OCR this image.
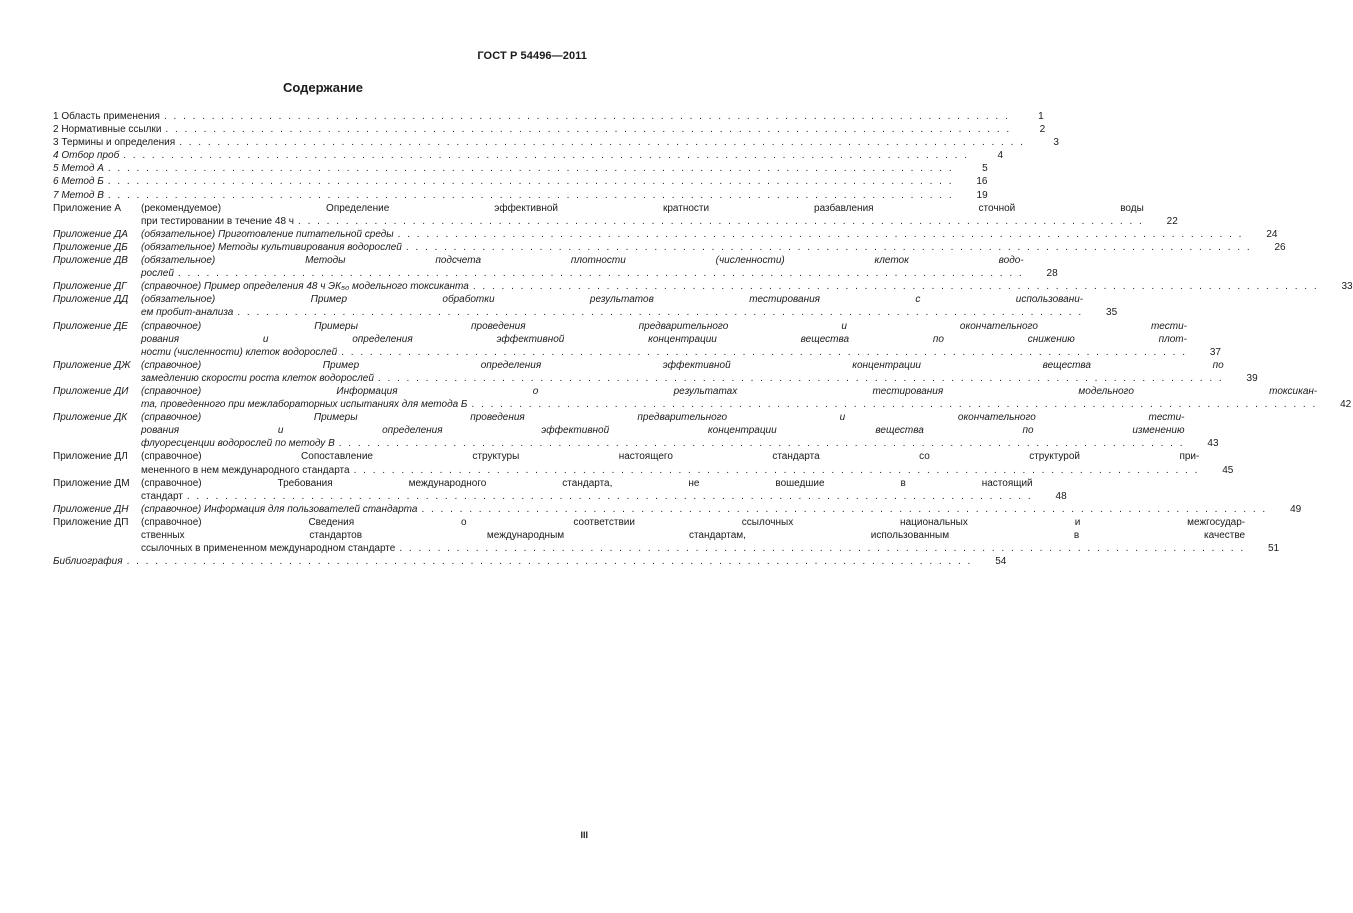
ГОСТ Р 54496—2011
Содержание
1 Область применения . . .	1
2 Нормативные ссылки . . .	2
3 Термины и определения . . .	3
4 Отбор проб . . .	4
5 Метод А . . .	5
6 Метод Б . . .	16
7 Метод В . . .	19
Приложение А	(рекомендуемое) Определение эффективной кратности разбавления сточной воды
при тестировании в течение 48 ч . . .	22
Приложение ДА	(обязательное) Приготовление питательной среды . . .	24
Приложение ДБ	(обязательное) Методы культивирования водорослей . . .	26
Приложение ДВ	(обязательное) Методы подсчета плотности (численности) клеток водо-
рослей . . .	28
Приложение ДГ	(справочное) Пример определения 48 ч ЭК₅₀ модельного токсиканта . . .	33
Приложение ДД	(обязательное) Пример обработки результатов тестирования с использовани-
ем пробит-анализа . . .	35
Приложение ДЕ	(справочное) Примеры проведения предварительного и окончательного тести-
рования и определения эффективной концентрации вещества по снижению плот-
ности (численности) клеток водорослей . . .	37
Приложение ДЖ	(справочное) Пример определения эффективной концентрации вещества по
замедлению скорости роста клеток водорослей . . .	39
Приложение ДИ	(справочное) Информация о результатах тестирования модельного токсикан-
та, проведенного при межлабораторных испытаниях для метода Б . . .	42
Приложение ДК	(справочное) Примеры проведения предварительного и окончательного тести-
рования и определения эффективной концентрации вещества по изменению
флуоресценции водорослей по методу В . . .	43
Приложение ДЛ	(справочное) Сопоставление структуры настоящего стандарта со структурой при-
мененного в нем международного стандарта . . .	45
Приложение ДМ	(справочное) Требования международного стандарта, не вошедшие в настоящий
стандарт . . .	48
Приложение ДН	(справочное) Информация для пользователей стандарта . . .	49
Приложение ДП	(справочное) Сведения о соответствии ссылочных национальных и межгосудар-
ственных стандартов международным стандартам, использованным в качестве
ссылочных в примененном международном стандарте . . .	51
Библиография . . .	54
III
